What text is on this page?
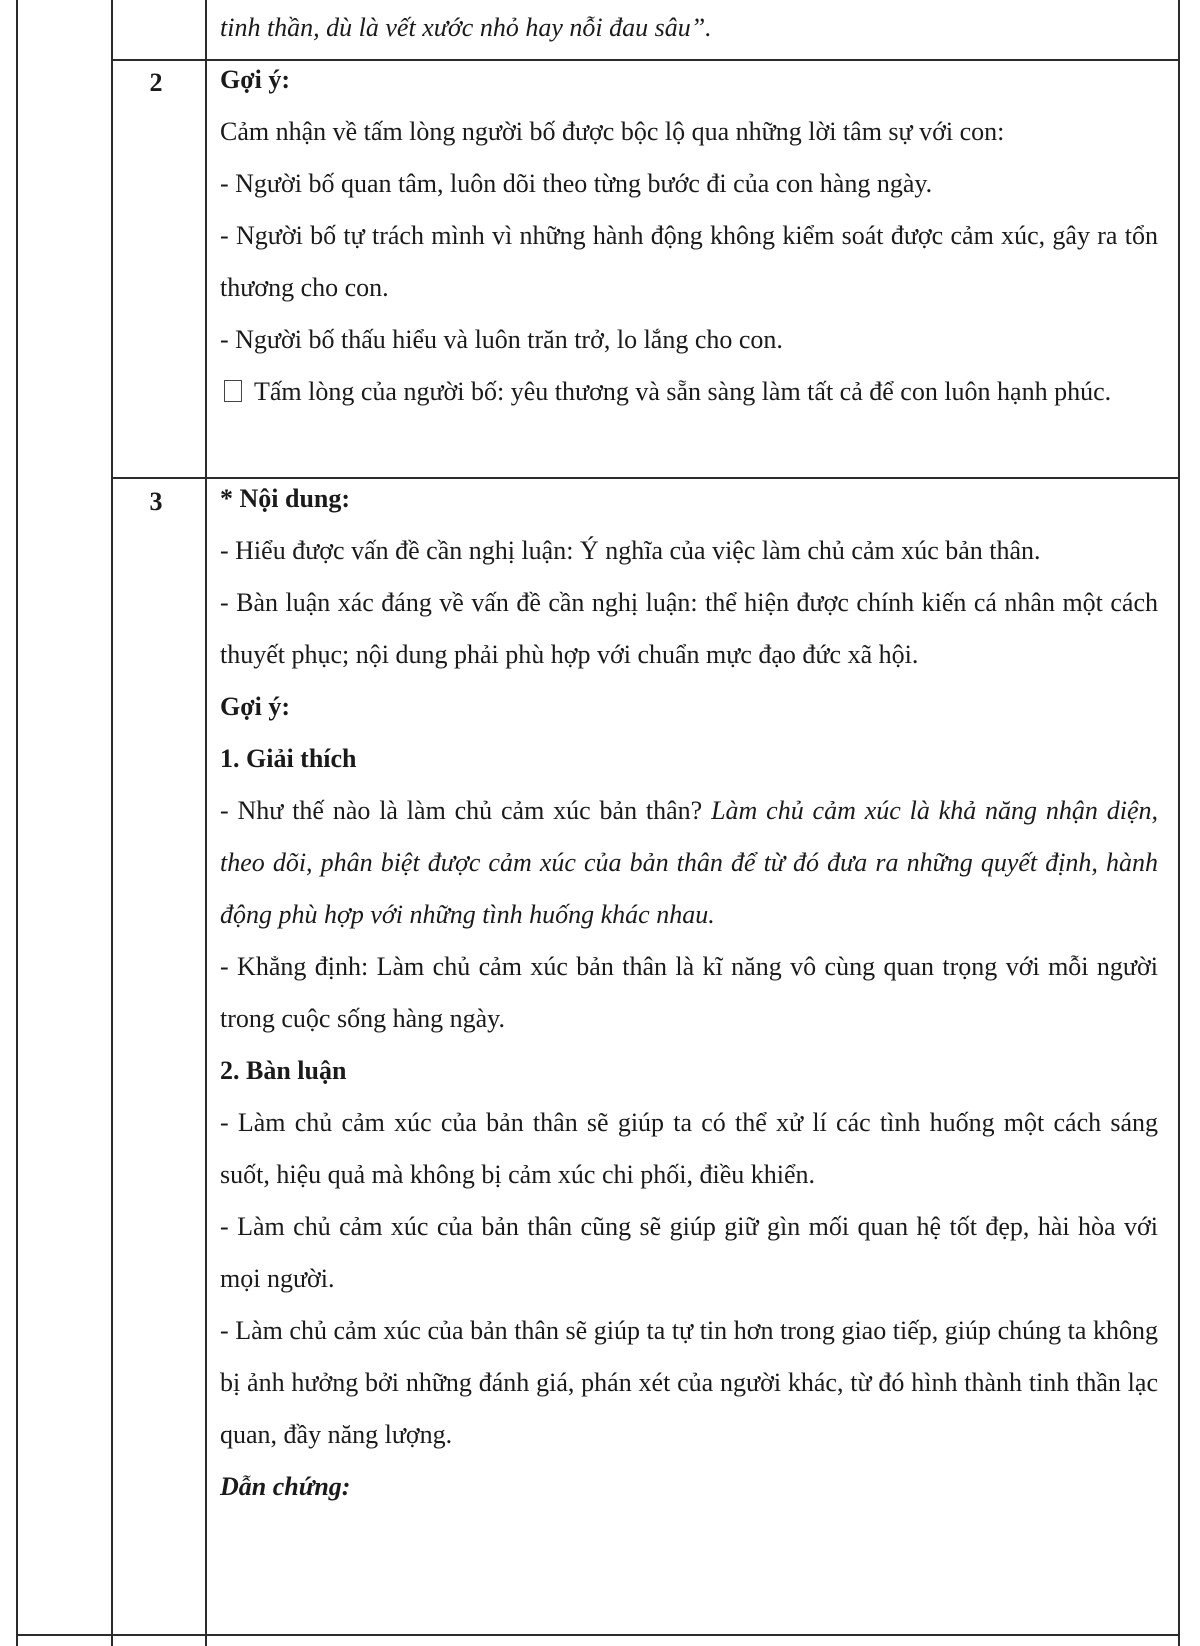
tinh thần, dù là vết xước nhỏ hay nỗi đau sâu”.

2	Gợi ý:

Cảm nhận về tấm lòng người bố được bộc lộ qua những lời tâm sự với con:

- Người bố quan tâm, luôn dõi theo từng bước đi của con hàng ngày.

- Người bố tự trách mình vì những hành động không kiểm soát được cảm xúc, gây ra tổn thương cho con.

- Người bố thấu hiểu và luôn trăn trở, lo lắng cho con.

Tấm lòng của người bố: yêu thương và sẵn sàng làm tất cả để con luôn hạnh phúc.

3	* Nội dung:

- Hiểu được vấn đề cần nghị luận: Ý nghĩa của việc làm chủ cảm xúc bản thân.

- Bàn luận xác đáng về vấn đề cần nghị luận: thể hiện được chính kiến cá nhân một cách thuyết phục; nội dung phải phù hợp với chuẩn mực đạo đức xã hội.

Gợi ý:

1. Giải thích

- Như thế nào là làm chủ cảm xúc bản thân? Làm chủ cảm xúc là khả năng nhận diện, theo dõi, phân biệt được cảm xúc của bản thân để từ đó đưa ra những quyết định, hành động phù hợp với những tình huống khác nhau.

- Khẳng định: Làm chủ cảm xúc bản thân là kĩ năng vô cùng quan trọng với mỗi người trong cuộc sống hàng ngày.

2. Bàn luận

- Làm chủ cảm xúc của bản thân sẽ giúp ta có thể xử lí các tình huống một cách sáng suốt, hiệu quả mà không bị cảm xúc chi phối, điều khiển.

- Làm chủ cảm xúc của bản thân cũng sẽ giúp giữ gìn mối quan hệ tốt đẹp, hài hòa với mọi người.

- Làm chủ cảm xúc của bản thân sẽ giúp ta tự tin hơn trong giao tiếp, giúp chúng ta không bị ảnh hưởng bởi những đánh giá, phán xét của người khác, từ đó hình thành tinh thần lạc quan, đầy năng lượng.

Dẫn chứng:
